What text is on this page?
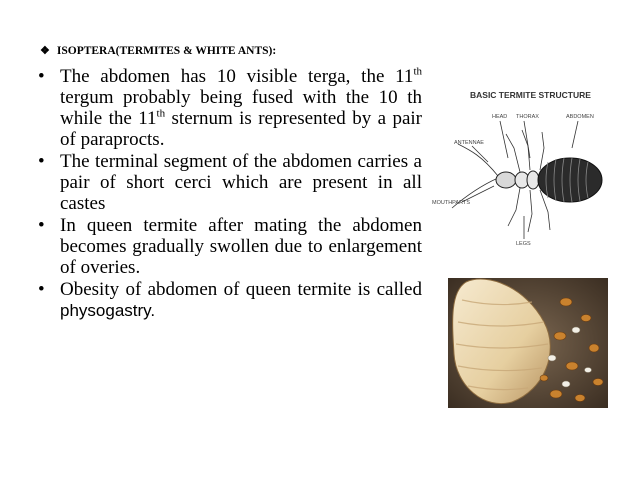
❖ ISOPTERA(TERMITES & WHITE ANTS):
• The abdomen has 10 visible terga, the 11th tergum probably being fused with the 10 th while the 11th sternum is represented by a pair of paraprocts.
• The terminal segment of the abdomen carries a pair of short cerci which are present in all castes
• In queen termite after mating the abdomen becomes gradually swollen due to enlargement of overies.
• Obesity of abdomen of queen termite is called physogastry.
BASIC TERMITE STRUCTURE
HEAD THORAX	ABDOMEN
ANTENNAE
MOUTHPARTS
LEGS
